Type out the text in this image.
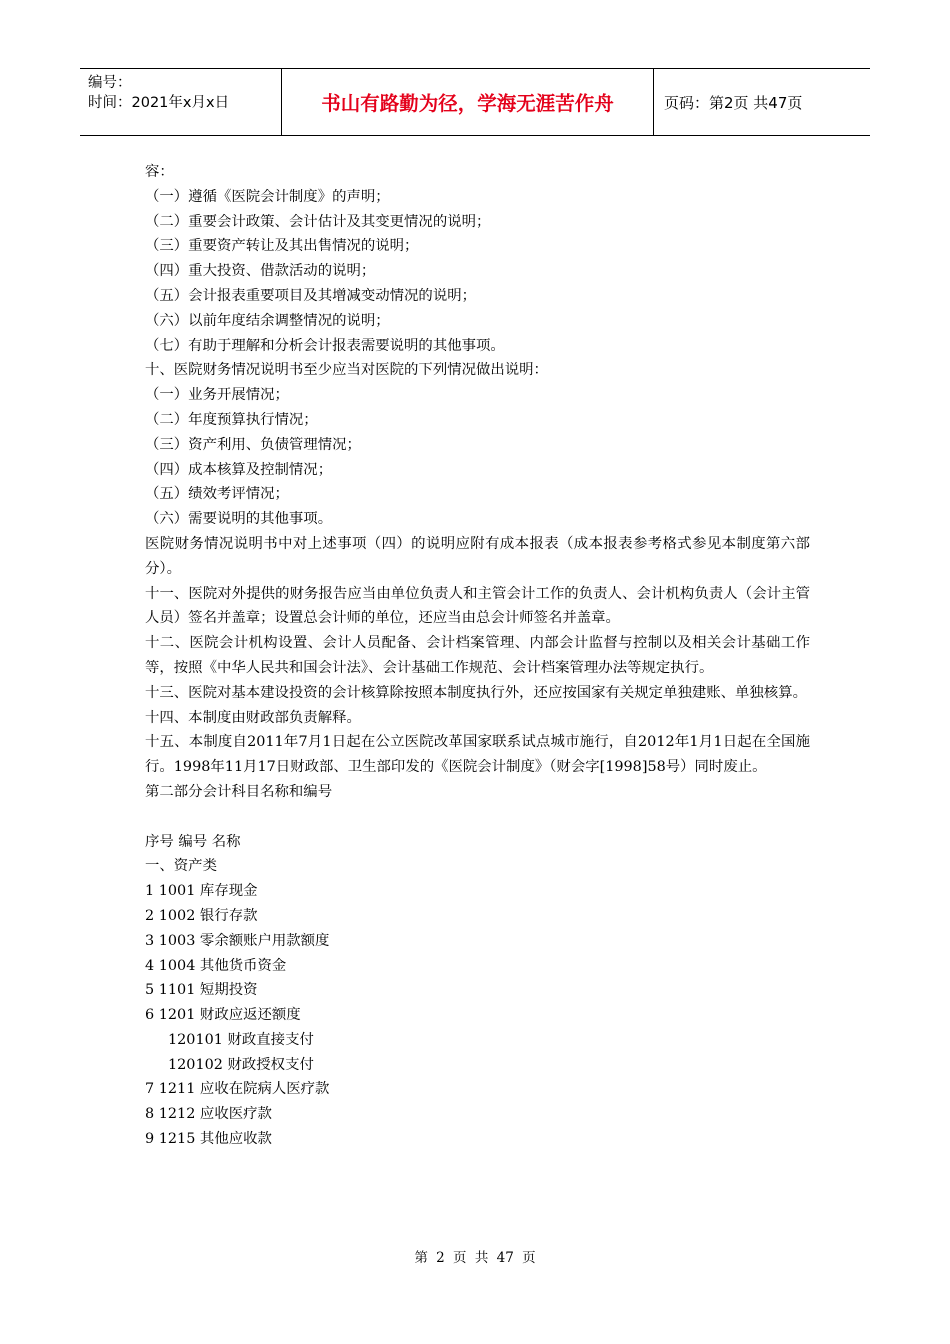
编号：
时间：2021年x月x日	书山有路勤为径，学海无涯苦作舟	页码：第2页 共47页

容：

（一）遵循《医院会计制度》的声明；

（二）重要会计政策、会计估计及其变更情况的说明；

（三）重要资产转让及其出售情况的说明；

（四）重大投资、借款活动的说明；

（五）会计报表重要项目及其增减变动情况的说明；

（六）以前年度结余调整情况的说明；

（七）有助于理解和分析会计报表需要说明的其他事项。

十、医院财务情况说明书至少应当对医院的下列情况做出说明：

（一）业务开展情况；

（二）年度预算执行情况；

（三）资产利用、负债管理情况；

（四）成本核算及控制情况；

（五）绩效考评情况；

（六）需要说明的其他事项。

医院财务情况说明书中对上述事项（四）的说明应附有成本报表（成本报表参考格式参见本制度第六部分）。

十一、医院对外提供的财务报告应当由单位负责人和主管会计工作的负责人、会计机构负责人（会计主管人员）签名并盖章；设置总会计师的单位，还应当由总会计师签名并盖章。

十二、医院会计机构设置、会计人员配备、会计档案管理、内部会计监督与控制以及相关会计基础工作等，按照《中华人民共和国会计法》、会计基础工作规范、会计档案管理办法等规定执行。

十三、医院对基本建设投资的会计核算除按照本制度执行外，还应按国家有关规定单独建账、单独核算。

十四、本制度由财政部负责解释。

十五、本制度自2011年7月1日起在公立医院改革国家联系试点城市施行，自2012年1月1日起在全国施行。1998年11月17日财政部、卫生部印发的《医院会计制度》（财会字[1998]58号）同时废止。

第二部分会计科目名称和编号

序号 编号 名称

一、资产类

1 1001 库存现金

2 1002 银行存款

3 1003 零余额账户用款额度

4 1004 其他货币资金

5 1101 短期投资

6 1201 财政应返还额度

120101 财政直接支付

120102 财政授权支付

7 1211 应收在院病人医疗款

8 1212 应收医疗款

9 1215 其他应收款

第 2 页 共 47 页
